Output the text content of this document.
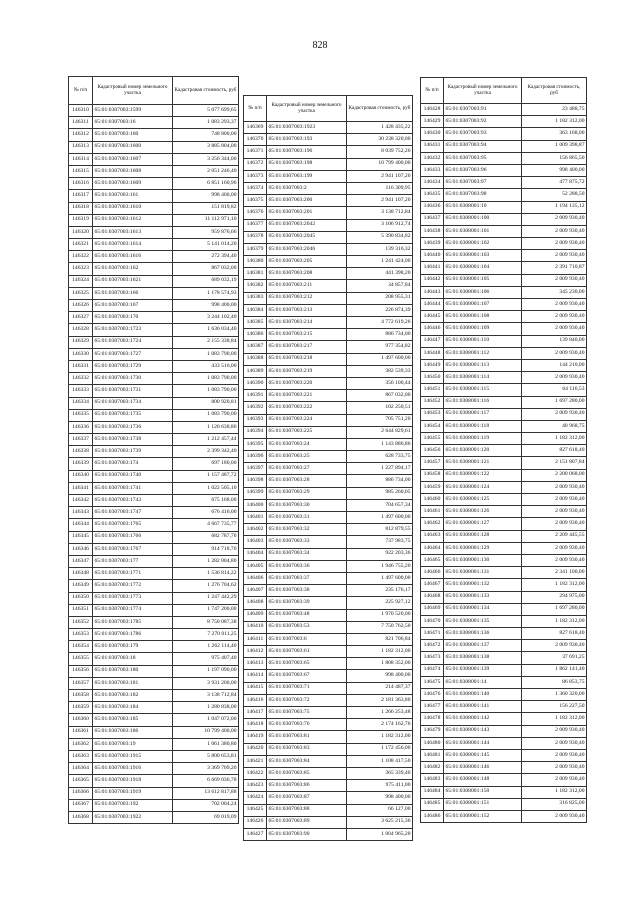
828
№ п/п	Кадастровый номер земельного участка	Кадастровая стоимость, руб
146310	65:01:0307003:1599	5 077 699,65
146311	65:01:0307003:16	1 083 293,37
146312	65:01:0307003:160	748 800,00
146313	65:01:0307003:1600	3 885 804,00
146314	65:01:0307003:1607	3 256 344,00
146315	65:01:0307003:1608	2 051 246,40
146316	65:01:0307003:1609	6 851 160,96
146317	65:01:0307003:161	998 400,00
146318	65:01:0307003:1610	151 819,82
146319	65:01:0307003:1612	11 112 971,10
146320	65:01:0307003:1613	959 876,66
146321	65:01:0307003:1614	5 141 014,20
146322	65:01:0307003:1616	272 394,40
146323	65:01:0307003:162	867 032,00
146324	65:01:0307003:1621	689 032,19
146325	65:01:0307003:166	1 178 574,93
146326	65:01:0307003:167	998 400,00
146327	65:01:0307003:170	3 244 102,40
146328	65:01:0307003:1723	1 636 034,40
146329	65:01:0307003:1724	2 155 338,84
146330	65:01:0307003:1727	1 083 790,00
146331	65:01:0307003:1729	433 516,00
146332	65:01:0307003:1730	1 083 790,00
146333	65:01:0307003:1731	1 083 790,00
146334	65:01:0307003:1734	800 920,81
146335	65:01:0307003:1735	1 083 790,00
146336	65:01:0307003:1736	1 120 638,86
146337	65:01:0307003:1738	1 212 457,44
146338	65:01:0307003:1739	2 399 342,40
146339	65:01:0307003:174	697 180,00
146340	65:01:0307003:1740	1 157 487,72
146341	65:01:0307003:1741	1 022 505,10
146342	65:01:0307003:1743	675 168,00
146343	65:01:0307003:1747	676 416,00
146344	65:01:0307003:1765	4 667 735,77
146345	65:01:0307003:1766	682 787,70
146346	65:01:0307003:1767	914 718,76
146347	65:01:0307003:177	1 282 804,80
146348	65:01:0307003:1771	1 536 814,22
146349	65:01:0307003:1772	1 276 704,62
146350	65:01:0307003:1773	1 247 442,29
146351	65:01:0307003:1774	1 747 200,00
146352	65:01:0307003:1785	8 750 087,38
146353	65:01:0307003:1786	7 270 011,25
146354	65:01:0307003:179	1 262 114,40
146355	65:01:0307003:18	975 407,40
146356	65:01:0307003:180	1 197 090,00
146357	65:01:0307003:181	3 931 200,00
146358	65:01:0307003:182	3 138 712,84
146359	65:01:0307003:184	1 280 838,00
146360	65:01:0307003:185	1 047 072,00
146361	65:01:0307003:186	10 799 400,00
146362	65:01:0307003:19	1 061 380,80
146363	65:01:0307003:1915	5 800 653,81
146364	65:01:0307003:1916	3 369 709,20
146365	65:01:0307003:1918	6 669 036,78
146366	65:01:0307003:1919	13 612 817,88
146367	65:01:0307003:192	702 004,24
146368	65:01:0307003:1922	69 019,09
№ п/п	Кадастровый номер земельного участка	Кадастровая стоимость, руб
146369	65:01:0307003:1923	1 428 435,22
146370	65:01:0307003:193	30 238 320,00
146371	65:01:0307003:196	8 039 752,26
146372	65:01:0307003:198	10 799 400,00
146373	65:01:0307003:199	2 941 107,20
146374	65:01:0307003:2	116 309,95
146375	65:01:0307003:200	2 941 107,20
146376	65:01:0307003:201	3 138 712,84
146377	65:01:0307003:2042	3 106 912,74
146378	65:01:0307003:2045	5 390 834,82
146379	65:01:0307003:2046	139 316,32
146380	65:01:0307003:205	1 241 424,00
146381	65:01:0307003:208	441 398,20
146382	65:01:0307003:211	34 857,84
146383	65:01:0307003:212	208 955,31
146384	65:01:0307003:213	226 874,39
146385	65:01:0307003:214	4 772 619,26
146386	65:01:0307003:215	886 734,00
146387	65:01:0307003:217	977 354,82
146388	65:01:0307003:218	1 497 600,00
146389	65:01:0307003:219	382 539,33
146390	65:01:0307003:220	356 100,44
146391	65:01:0307003:221	867 032,00
146392	65:01:0307003:222	102 250,51
146393	65:01:0307003:224	705 751,20
146394	65:01:0307003:225	2 644 829,61
146395	65:01:0307003:24	1 143 886,86
146396	65:01:0307003:25	628 733,75
146397	65:01:0307003:27	1 227 894,17
146398	65:01:0307003:28	886 734,00
146399	65:01:0307003:29	985 260,05
146400	65:01:0307003:30	704 657,34
146401	65:01:0307003:31	1 497 600,00
146402	65:01:0307003:32	812 879,55
146403	65:01:0307003:33	737 983,75
146404	65:01:0307003:34	922 203,36
146405	65:01:0307003:36	1 946 755,20
146406	65:01:0307003:37	1 497 600,00
146407	65:01:0307003:38	235 176,17
146408	65:01:0307003:39	225 927,12
146409	65:01:0307003:48	1 970 520,00
146410	65:01:0307003:53	7 750 762,50
146411	65:01:0307003:6	821 706,84
146412	65:01:0307003:61	1 182 312,00
146413	65:01:0307003:65	1 808 352,00
146414	65:01:0307003:67	998 400,00
146415	65:01:0307003:71	214 487,37
146416	65:01:0307003:72	2 181 363,80
146417	65:01:0307003:75	1 266 253,48
146418	65:01:0307003:76	2 174 162,76
146419	65:01:0307003:81	1 182 312,00
146420	65:01:0307003:83	1 172 456,00
146421	65:01:0307003:84	1 108 417,50
146422	65:01:0307003:85	365 339,40
146423	65:01:0307003:86	975 411,00
146424	65:01:0307003:87	998 400,00
146425	65:01:0307003:88	66 127,00
146426	65:01:0307003:89	3 625 215,36
146427	65:01:0307003:90	1 004 965,20
№ п/п	Кадастровый номер земельного участка	Кадастровая стоимость, руб
146428	65:01:0307003:91	23 488,75
146429	65:01:0307003:92	1 182 312,00
146430	65:01:0307003:93	363 168,00
146431	65:01:0307003:94	1 009 398,87
146432	65:01:0307003:95	156 865,50
146433	65:01:0307003:96	998 400,00
146434	65:01:0307003:97	477 875,72
146435	65:01:0307003:98	52 288,50
146436	65:01:0308001:10	1 194 135,12
146437	65:01:0308001:100	2 009 930,40
146438	65:01:0308001:101	2 009 930,40
146439	65:01:0308001:102	2 009 930,40
146440	65:01:0308001:103	2 009 930,40
146441	65:01:0308001:104	2 391 710,87
146442	65:01:0308001:105	2 009 930,40
146443	65:01:0308001:106	345 230,00
146444	65:01:0308001:107	2 009 930,40
146445	65:01:0308001:108	2 009 930,40
146446	65:01:0308001:109	2 009 930,40
146447	65:01:0308001:110	139 840,00
146448	65:01:0308001:112	2 009 930,40
146449	65:01:0308001:113	144 210,00
146450	65:01:0308001:114	2 009 930,40
146451	65:01:0308001:115	64 116,53
146452	65:01:0308001:116	1 697 280,00
146453	65:01:0308001:117	2 009 930,40
146454	65:01:0308001:118	40 968,75
146455	65:01:0308001:119	1 182 312,00
146456	65:01:0308001:120	827 618,40
146457	65:01:0308001:121	2 151 807,84
146458	65:01:0308001:122	2 200 068,00
146459	65:01:0308001:124	2 009 930,40
146460	65:01:0308001:125	2 009 930,40
146461	65:01:0308001:126	2 009 930,40
146462	65:01:0308001:127	2 009 930,40
146463	65:01:0308001:128	2 209 445,55
146464	65:01:0308001:129	2 009 930,40
146465	65:01:0308001:130	2 009 930,40
146466	65:01:0308001:131	2 341 100,00
146467	65:01:0308001:132	1 182 312,00
146468	65:01:0308001:133	294 975,00
146469	65:01:0308001:134	1 697 280,00
146470	65:01:0308001:135	1 182 312,00
146471	65:01:0308001:136	827 618,40
146472	65:01:0308001:137	2 009 930,40
146473	65:01:0308001:138	37 691,25
146474	65:01:0308001:139	1 862 141,40
146475	65:01:0308001:14	86 853,75
146476	65:01:0308001:140	1 360 320,00
146477	65:01:0308001:141	156 227,50
146478	65:01:0308001:142	1 182 312,00
146479	65:01:0308001:143	2 009 930,40
146480	65:01:0308001:144	2 009 930,40
146481	65:01:0308001:145	2 009 930,40
146482	65:01:0308001:146	2 009 930,40
146483	65:01:0308001:148	2 009 930,40
146484	65:01:0308001:150	1 182 312,00
146485	65:01:0308001:151	316 825,00
146486	65:01:0308001:152	2 009 930,40
